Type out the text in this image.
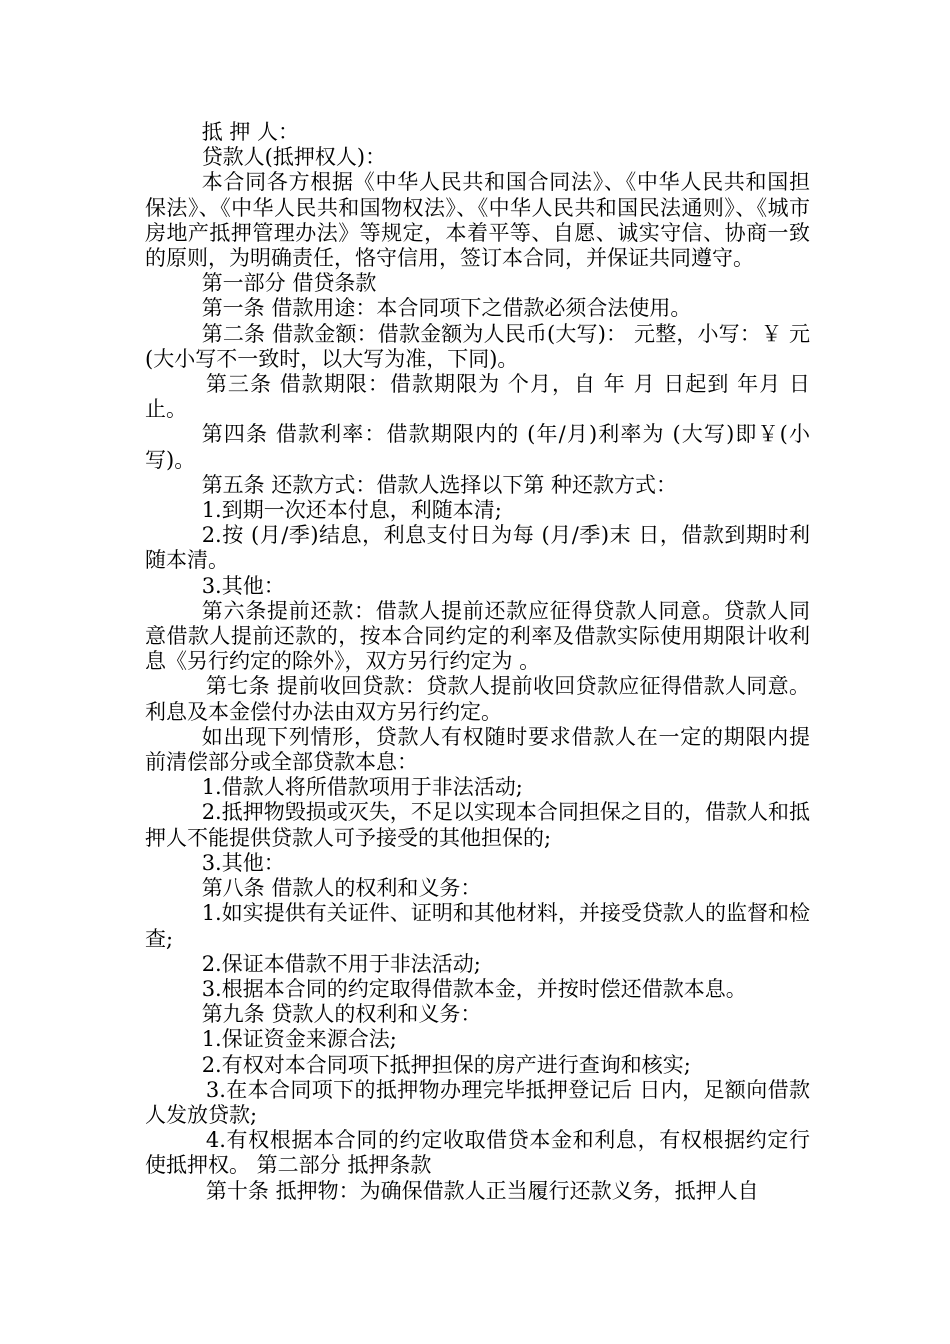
抵 押 人：

贷款人(抵押权人)：

本合同各方根据《中华人民共和国合同法》、《中华人民共和国担保法》、《中华人民共和国物权法》、《中华人民共和国民法通则》、《城市房地产抵押管理办法》等规定，本着平等、自愿、诚实守信、协商一致的原则，为明确责任，恪守信用，签订本合同，并保证共同遵守。

第一部分 借贷条款

第一条 借款用途：本合同项下之借款必须合法使用。

第二条 借款金额：借款金额为人民币(大写)： 元整，小写：￥ 元(大小写不一致时，以大写为准，下同)。

第三条 借款期限：借款期限为 个月，自 年 月 日起到 年月 日止。

第四条 借款利率：借款期限内的 (年/月)利率为 (大写)即￥(小写)。

第五条 还款方式：借款人选择以下第 种还款方式：

1.到期一次还本付息，利随本清;

2.按 (月/季)结息，利息支付日为每 (月/季)末 日，借款到期时利随本清。

3.其他：

第六条提前还款：借款人提前还款应征得贷款人同意。贷款人同意借款人提前还款的，按本合同约定的利率及借款实际使用期限计收利息《另行约定的除外》，双方另行约定为 。

第七条 提前收回贷款：贷款人提前收回贷款应征得借款人同意。利息及本金偿付办法由双方另行约定。

如出现下列情形，贷款人有权随时要求借款人在一定的期限内提前清偿部分或全部贷款本息：

1.借款人将所借款项用于非法活动;

2.抵押物毁损或灭失，不足以实现本合同担保之目的，借款人和抵押人不能提供贷款人可予接受的其他担保的;

3.其他：

第八条 借款人的权利和义务：

1.如实提供有关证件、证明和其他材料，并接受贷款人的监督和检查;

2.保证本借款不用于非法活动;

3.根据本合同的约定取得借款本金，并按时偿还借款本息。

第九条 贷款人的权利和义务：

1.保证资金来源合法;

2.有权对本合同项下抵押担保的房产进行查询和核实;

3.在本合同项下的抵押物办理完毕抵押登记后 日内，足额向借款人发放贷款;

4.有权根据本合同的约定收取借贷本金和利息，有权根据约定行使抵押权。 第二部分 抵押条款

第十条 抵押物：为确保借款人正当履行还款义务，抵押人自
